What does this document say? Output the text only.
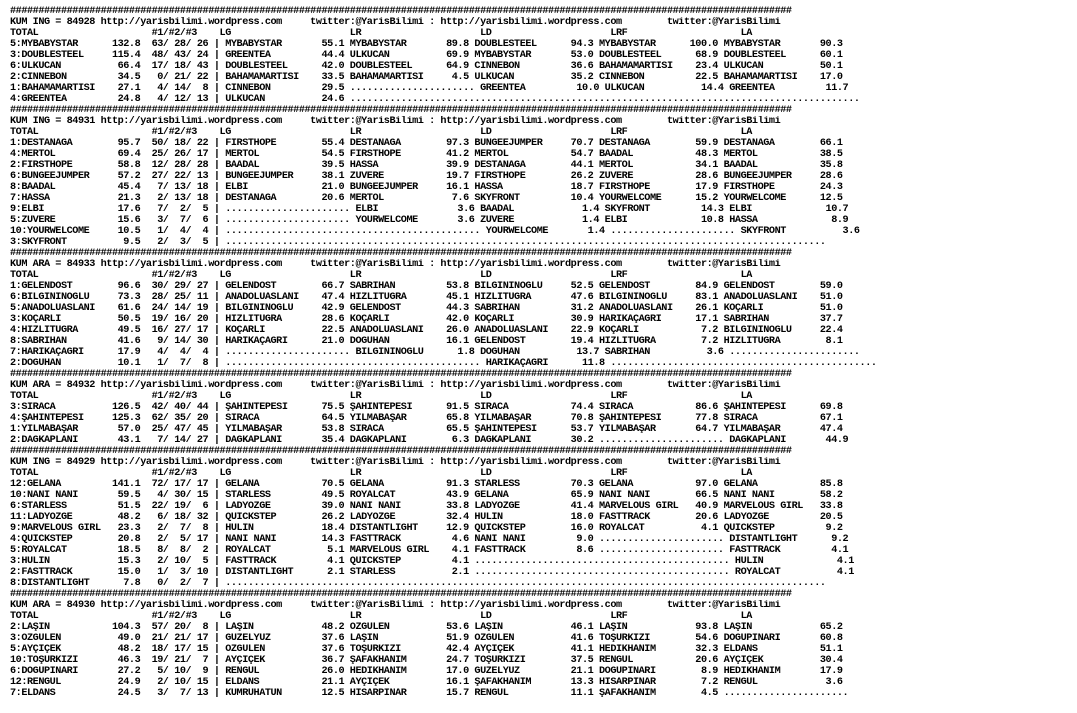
##########################################################################################################################################
KUM ING = 84928 http://yarisbilimi.wordpress.com     twitter:@YarisBilimi : http://yarisbilimi.wordpress.com        twitter:@YarisBilimi
TOTAL                    #1/#2/#3    LG                     LR                     LD                     LRF                    LA
5:MYBABYSTAR      132.8  63/ 28/ 26 | MYBABYSTAR       55.1 MYBABYSTAR       89.8 DOUBLESTEEL      94.3 MYBABYSTAR      100.0 MYBABYSTAR       90.3
3:DOUBLESTEEL     115.4  48/ 43/ 24 | GREENTEA         44.4 ÜLKÜCAN          69.9 MYBABYSTAR       53.0 DOUBLESTEEL      68.9 DOUBLESTEEL      60.1
6:ÜLKÜCAN          66.4  17/ 18/ 43 | DOUBLESTEEL      42.0 DOUBLESTEEL      64.9 CİNNEBON         36.6 BAHAMAMARTISI    23.4 ÜLKÜCAN          50.1
2:CİNNEBON         34.5   0/ 21/ 22 | BAHAMAMARTISI    33.5 BAHAMAMARTISI     4.5 ÜLKÜCAN          35.2 CİNNEBON         22.5 BAHAMAMARTISI    17.0
1:BAHAMAMARTISI    27.1   4/ 14/  8 | CİNNEBON         29.5 ...................... GREENTEA         10.0 ÜLKÜCAN          14.4 GREENTEA         11.7
4:GREENTEA         24.8   4/ 12/ 13 | ÜLKÜCAN          24.6 ..........................................................................................
##########################################################################################################################################
KUM ING = 84931 http://yarisbilimi.wordpress.com     twitter:@YarisBilimi : http://yarisbilimi.wordpress.com        twitter:@YarisBilimi
TOTAL                    #1/#2/#3    LG                     LR                     LD                     LRF                    LA
1:DESTANAGA        95.7  50/ 18/ 22 | FIRSTHOPE        55.4 DESTANAGA        97.3 BUNGEEJUMPER     70.7 DESTANAGA        59.9 DESTANAGA        66.1
4:MERTOL           69.4  25/ 26/ 17 | MERTOL           54.5 FIRSTHOPE        41.2 MERTOL           54.7 BAADAL           48.3 MERTOL           38.5
2:FIRSTHOPE        58.8  12/ 28/ 28 | BAADAL           39.5 HASSA            39.9 DESTANAGA        44.1 MERTOL           34.1 BAADAL           35.8
6:BUNGEEJUMPER     57.2  27/ 22/ 13 | BUNGEEJUMPER     38.1 ZUVERE           19.7 FIRSTHOPE        26.2 ZUVERE           28.6 BUNGEEJUMPER     28.6
8:BAADAL           45.4   7/ 13/ 18 | ELBİ             21.0 BUNGEEJUMPER     16.1 HASSA            18.7 FIRSTHOPE        17.9 FIRSTHOPE        24.3
7:HASSA            21.3   2/ 13/ 18 | DESTANAGA        20.6 MERTOL            7.6 SKYFRONT         10.4 YOURWELCOME      15.2 YOURWELCOME      12.5
9:ELBİ             17.6   7/  2/  5 | ...................... ELBİ              3.6 BAADAL            1.4 SKYFRONT         14.3 ELBİ             10.7
5:ZUVERE           15.6   3/  7/  6 | ...................... YOURWELCOME       3.6 ZUVERE            1.4 ELBİ             10.8 HASSA             8.9
10:YOURWELCOME     10.5   1/  4/  4 | ............................................. YOURWELCOME       1.4 ...................... SKYFRONT          3.6
3:SKYFRONT          9.5   2/  3/  5 | ..........................................................................................................
##########################################################################################################################################
KUM ARA = 84933 http://yarisbilimi.wordpress.com     twitter:@YarisBilimi : http://yarisbilimi.wordpress.com        twitter:@YarisBilimi
TOTAL                    #1/#2/#3    LG                     LR                     LD                     LRF                    LA
1:GELENDOST        96.6  30/ 29/ 27 | GELENDOST        66.7 SABRİHAN         53.8 BİLGİNİNOĞLU     52.5 GELENDOST        84.9 GELENDOST        59.0
6:BİLGİNİNOĞLU     73.3  28/ 25/ 11 | ANADOLUASLANI    47.4 HIZLITUĞRA       45.1 HIZLITUĞRA       47.6 BİLGİNİNOĞLU     83.1 ANADOLUASLANI    51.0
5:ANADOLUASLANI    61.6  24/ 14/ 19 | BİLGİNİNOĞLU     42.9 GELENDOST        44.3 SABRİHAN         31.2 ANADOLUASLANI    26.1 KOÇARLI          51.0
3:KOÇARLI          50.5  19/ 16/ 20 | HIZLITUĞRA       28.6 KOÇARLI          42.0 KOÇARLI          30.9 HARİKAÇAĞRI      17.1 SABRİHAN         37.7
4:HIZLITUĞRA       49.5  16/ 27/ 17 | KOÇARLI          22.5 ANADOLUASLANI    26.0 ANADOLUASLANI    22.9 KOÇARLI           7.2 BİLGİNİNOĞLU     22.4
8:SABRİHAN         41.6   9/ 14/ 30 | HARİKAÇAĞRI      21.0 DOĞUHAN          16.1 GELENDOST        19.4 HIZLITUĞRA        7.2 HIZLITUĞRA        8.1
7:HARİKAÇAĞRI      17.9   4/  4/  4 | ...................... BİLGİNİNOĞLU      1.8 DOĞUHAN          13.7 SABRİHAN          3.6 .......................
2:DOĞUHAN          10.1   1/  7/  8 | ............................................. HARİKAÇAĞRI      11.8 ...............................................
##########################################################################################################################################
KUM ARA = 84932 http://yarisbilimi.wordpress.com     twitter:@YarisBilimi : http://yarisbilimi.wordpress.com        twitter:@YarisBilimi
TOTAL                    #1/#2/#3    LG                     LR                     LD                     LRF                    LA
3:SIRACA          126.5  42/ 40/ 44 | ŞAHİNTEPESİ      75.5 ŞAHİNTEPESİ      91.5 SIRACA           74.4 SIRACA           86.6 ŞAHİNTEPESİ      69.8
4:ŞAHİNTEPESİ     125.3  62/ 35/ 20 | SIRACA           64.5 YILMABAŞAR       65.8 YILMABAŞAR       70.8 ŞAHİNTEPESİ      77.8 SIRACA           67.1
1:YILMABAŞAR       57.0  25/ 47/ 45 | YILMABAŞAR       53.8 SIRACA           65.5 ŞAHİNTEPESİ      53.7 YILMABAŞAR       64.7 YILMABAŞAR       47.4
2:DAĞKAPLANI       43.1   7/ 14/ 27 | DAĞKAPLANI       35.4 DAĞKAPLANI        6.3 DAĞKAPLANI       30.2 ...................... DAĞKAPLANI       44.9
##########################################################################################################################################
KUM ING = 84929 http://yarisbilimi.wordpress.com     twitter:@YarisBilimi : http://yarisbilimi.wordpress.com        twitter:@YarisBilimi
TOTAL                    #1/#2/#3    LG                     LR                     LD                     LRF                    LA
12:GELANA         141.1  72/ 17/ 17 | GELANA           70.5 GELANA           91.3 STARLESS         70.3 GELANA           97.0 GELANA           85.8
10:NANİ NANİ       59.5   4/ 30/ 15 | STARLESS         49.5 ROYALCAT         43.9 GELANA           65.9 NANİ NANİ        66.5 NANİ NANİ        58.2
6:STARLESS         51.5  22/ 19/  6 | LADYÖZGE         39.0 NANİ NANİ        33.8 LADYÖZGE         41.4 MARVELOUS GIRL   40.9 MARVELOUS GIRL   33.8
11:LADYÖZGE        48.2   6/ 18/ 32 | QUICKSTEP        26.2 LADYÖZGE         32.4 HULİN            18.0 FASTTRACK        20.6 LADYÖZGE         20.5
9:MARVELOUS GIRL   23.3   2/  7/  8 | HULİN            18.4 DISTANTLIGHT     12.9 QUICKSTEP        16.0 ROYALCAT          4.1 QUICKSTEP         9.2
4:QUICKSTEP        20.8   2/  5/ 17 | NANİ NANİ        14.3 FASTTRACK         4.6 NANİ NANİ         9.0 ...................... DISTANTLIGHT      9.2
5:ROYALCAT         18.5   8/  8/  2 | ROYALCAT          5.1 MARVELOUS GIRL    4.1 FASTTRACK         8.6 ...................... FASTTRACK         4.1
3:HULİN            15.3   2/ 10/  5 | FASTTRACK         4.1 QUICKSTEP         4.1 ............................................. HULİN             4.1
2:FASTTRACK        15.0   1/  3/ 10 | DISTANTLIGHT      2.1 STARLESS          2.1 ............................................. ROYALCAT          4.1
8:DISTANTLIGHT      7.8   0/  2/  7 | ..........................................................................................................
##########################################################################################################################################
KUM ARA = 84930 http://yarisbilimi.wordpress.com     twitter:@YarisBilimi : http://yarisbilimi.wordpress.com        twitter:@YarisBilimi
TOTAL                    #1/#2/#3    LG                     LR                     LD                     LRF                    LA
2:LAŞİN           104.3  57/ 20/  8 | LAŞİN            48.2 ÖZGÜLEN          53.6 LAŞİN            46.1 LAŞİN            93.8 LAŞİN            65.2
3:ÖZGÜLEN          49.0  21/ 21/ 17 | GÜZELYÜZ         37.6 LAŞİN            51.9 ÖZGÜLEN          41.6 TOŞURKIZI        54.6 DOĞUPINARI       60.8
5:AYÇİÇEK          48.2  18/ 17/ 15 | ÖZGÜLEN          37.6 TOŞURKIZI        42.4 AYÇİÇEK          41.1 HEDİKHANIM       32.3 ELDANS           51.1
10:TOŞURKIZI       46.3  19/ 21/  7 | AYÇİÇEK          36.7 ŞAFAKHANIM       24.7 TOŞURKIZI        37.5 RENGÜL           20.6 AYÇİÇEK          30.4
6:DOĞUPINARI       27.2   5/ 10/  9 | RENGÜL           26.0 HEDİKHANIM       17.0 GÜZELYÜZ         21.1 DOĞUPINARI        8.9 HEDİKHANIM       17.9
12:RENGÜL          24.9   2/ 10/ 15 | ELDANS           21.1 AYÇİÇEK          16.1 ŞAFAKHANIM       13.3 HİSARPINAR        7.2 RENGÜL            3.6
7:ELDANS           24.5   3/  7/ 13 | KUMRUHATUN       12.5 HİSARPINAR       15.7 RENGÜL           11.1 ŞAFAKHANIM        4.5 ......................
